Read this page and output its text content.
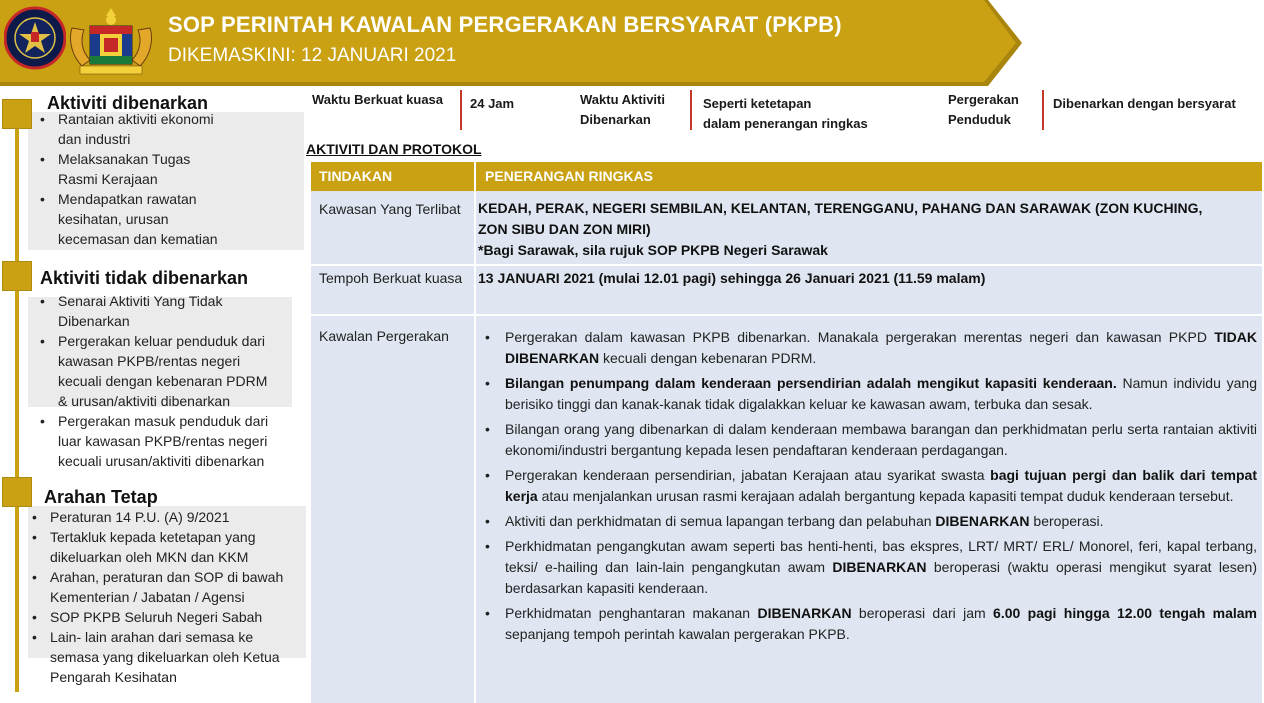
SOP PERINTAH KAWALAN PERGERAKAN BERSYARAT (PKPB)
DIKEMASKINI: 12 JANUARI 2021
Aktiviti dibenarkan
• Rantaian aktiviti ekonomi
dan industri
• Melaksanakan Tugas
Rasmi Kerajaan
• Mendapatkan rawatan
kesihatan, urusan
kecemasan dan kematian
Aktiviti tidak dibenarkan
• Senarai Aktiviti Yang Tidak
Dibenarkan
• Pergerakan keluar penduduk dari
kawasan PKPB/rentas negeri
kecuali dengan kebenaran PDRM
& urusan/aktiviti dibenarkan
• Pergerakan masuk penduduk dari
luar kawasan PKPB/rentas negeri
kecuali urusan/aktiviti dibenarkan
Arahan Tetap
• Peraturan 14 P.U. (A) 9/2021
• Tertakluk kepada ketetapan yang
dikeluarkan oleh MKN dan KKM
• Arahan, peraturan dan SOP di bawah
Kementerian / Jabatan / Agensi
• SOP PKPB Seluruh Negeri Sabah
• Lain- lain arahan dari semasa ke
semasa yang dikeluarkan oleh Ketua
Pengarah Kesihatan
Waktu Berkuat kuasa 24 Jam	Waktu Aktiviti
Dibenarkan
Seperti ketetapan
dalam penerangan ringkas
Pergerakan
Penduduk
Dibenarkan dengan bersyarat
AKTIVITI DAN PROTOKOL
TINDAKAN	PENERANGAN RINGKAS
Kawasan Yang Terlibat KEDAH, PERAK, NEGERI SEMBILAN, KELANTAN, TERENGGANU, PAHANG DAN SARAWAK (ZON KUCHING,
ZON SIBU DAN ZON MIRI)
*Bagi Sarawak, sila rujuk SOP PKPB Negeri Sarawak
Tempoh Berkuat kuasa 13 JANUARI 2021 (mulai 12.01 pagi) sehingga 26 Januari 2021 (11.59 malam)
Kawalan Pergerakan
•	Pergerakan dalam kawasan PKPB dibenarkan. Manakala pergerakan merentas negeri dan kawasan PKPD TIDAK DIBENARKAN kecuali dengan kebenaran PDRM.
• Bilangan penumpang dalam kenderaan persendirian adalah mengikut kapasiti kenderaan. Namun individu yang berisiko tinggi dan kanak-kanak tidak digalakkan keluar ke kawasan awam, terbuka dan sesak.
• Bilangan orang yang dibenarkan di dalam kenderaan membawa barangan dan perkhidmatan perlu serta rantaian aktiviti ekonomi/industri bergantung kepada lesen pendaftaran kenderaan perdagangan.
• Pergerakan kenderaan persendirian, jabatan Kerajaan atau syarikat swasta bagi tujuan pergi dan balik dari tempat kerja atau menjalankan urusan rasmi kerajaan adalah bergantung kepada kapasiti tempat duduk kenderaan tersebut.
• Aktiviti dan perkhidmatan di semua lapangan terbang dan pelabuhan DIBENARKAN beroperasi.
• Perkhidmatan pengangkutan awam seperti bas henti-henti, bas ekspres, LRT/ MRT/ ERL/ Monorel, feri, kapal terbang, teksi/ e-hailing dan lain-lain pengangkutan awam DIBENARKAN beroperasi (waktu operasi mengikut syarat lesen) berdasarkan kapasiti kenderaan.
• Perkhidmatan penghantaran makanan DIBENARKAN beroperasi dari jam 6.00 pagi hingga 12.00 tengah malam sepanjang tempoh perintah kawalan pergerakan PKPB.
